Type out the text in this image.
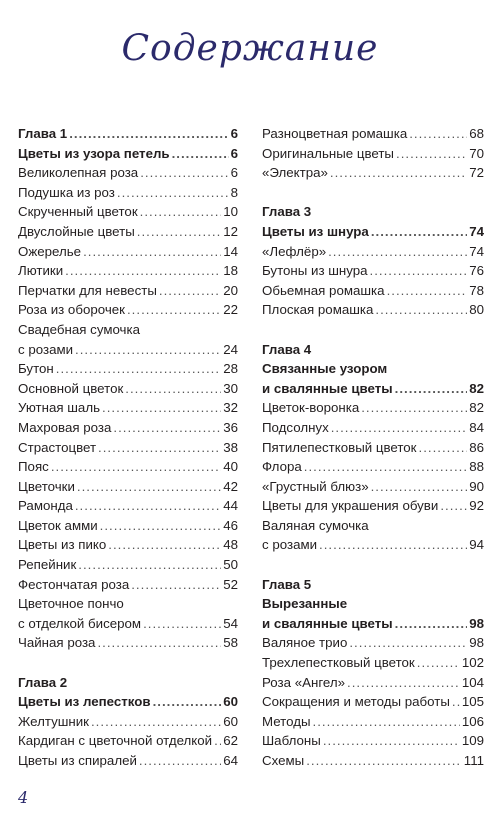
Содержание
Глава 1 .....	6
Цветы из узора петель .....	6
Великолепная роза .....	6
Подушка из роз .....	8
Скрученный цветок .....	10
Двуслойные цветы .....	12
Ожерелье .....	14
Лютики .....	18
Перчатки для невесты .....	20
Роза из оборочек .....	22
Свадебная сумочка
с розами .....	24
Бутон .....	28
Основной цветок .....	30
Уютная шаль .....	32
Махровая роза .....	36
Страстоцвет .....	38
Пояс .....	40
Цветочки .....	42
Рамонда .....	44
Цветок амми .....	46
Цветы из пико .....	48
Репейник .....	50
Фестончатая роза .....	52
Цветочное пончо
с отделкой бисером .....	54
Чайная роза .....	58
Глава 2
Цветы из лепестков .....	60
Желтушник .....	60
Кардиган с цветочной отделкой ..... 62
Цветы из спиралей .....	64
Разноцветная ромашка .....	68
Оригинальные цветы .....	70
«Электра» .....	72
Глава 3
Цветы из шнура .....	74
«Лефлёр» .....	74
Бутоны из шнура .....	76
Обьемная ромашка .....	78
Плоская ромашка .....	80
Глава 4
Связанные узором
и свалянные цветы .....	82
Цветок-воронка .....	82
Подсолнух .....	84
Пятилепестковый цветок .....	86
Флора .....	88
«Грустный блюз» .....	90
Цветы для украшения обуви ..... 92
Валяная сумочка
с розами .....	94
Глава 5
Вырезанные
и свалянные цветы .....	98
Валяное трио .....	98
Трехлепестковый цветок .....	102
Роза «Ангел» .....	104
Сокращения и методы работы ..... 105
Методы .....	106
Шаблоны .....	109
Схемы .....	111
4
